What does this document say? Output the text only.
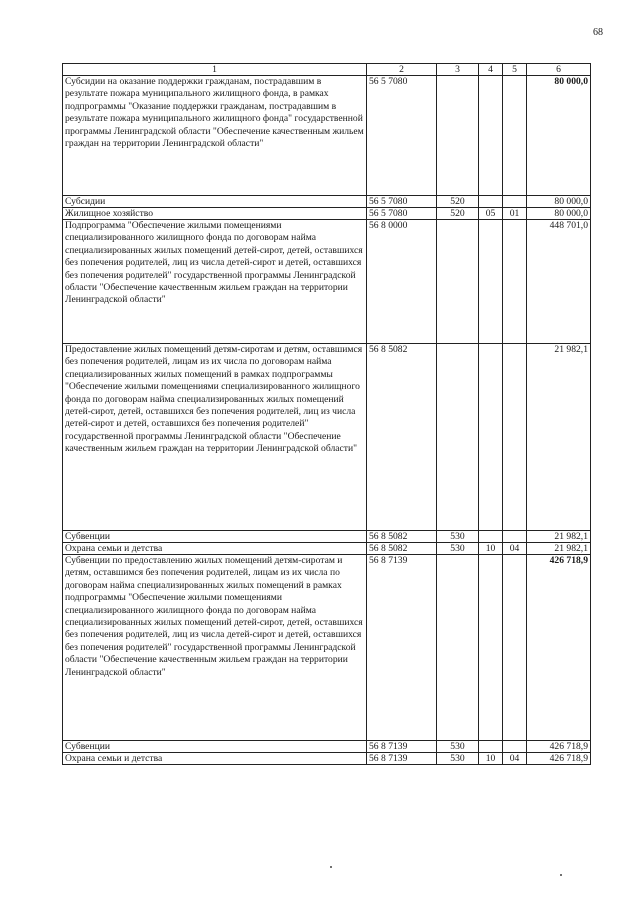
68
1	2	3	4	5	6
Субсидии на оказание поддержки гражданам, пострадавшим в результате пожара муниципального жилищного фонда, в рамках подпрограммы "Оказание поддержки гражданам, пострадавшим в результате пожара муниципального жилищного фонда" государственной программы Ленинградской области "Обеспечение качественным жильем граждан на территории Ленинградской области"	56 5 7080				80 000,0
Субсидии	56 5 7080	520			80 000,0
Жилищное хозяйство	56 5 7080	520	05	01	80 000,0
Подпрограмма "Обеспечение жилыми помещениями специализированного жилищного фонда по договорам найма специализированных жилых помещений детей-сирот, детей, оставшихся без попечения родителей, лиц из числа детей-сирот и детей, оставшихся без попечения родителей" государственной программы Ленинградской области "Обеспечение качественным жильем граждан на территории Ленинградской области"	56 8 0000				448 701,0
Предоставление жилых помещений детям-сиротам и детям, оставшимся без попечения родителей, лицам из их числа по договорам найма специализированных жилых помещений в рамках подпрограммы "Обеспечение жилыми помещениями специализированного жилищного фонда по договорам найма специализированных жилых помещений детей-сирот, детей, оставшихся без попечения родителей, лиц из числа детей-сирот и детей, оставшихся без попечения родителей" государственной программы Ленинградской области "Обеспечение качественным жильем граждан на территории Ленинградской области"	56 8 5082				21 982,1
Субвенции	56 8 5082	530			21 982,1
Охрана семьи и детства	56 8 5082	530	10	04	21 982,1
Субвенции по предоставлению жилых помещений детям-сиротам и детям, оставшимся без попечения родителей, лицам из их числа по договорам найма специализированных жилых помещений в рамках подпрограммы "Обеспечение жилыми помещениями специализированного жилищного фонда по договорам найма специализированных жилых помещений детей-сирот, детей, оставшихся без попечения родителей, лиц из числа детей-сирот и детей, оставшихся без попечения родителей" государственной программы Ленинградской области "Обеспечение качественным жильем граждан на территории Ленинградской области"	56 8 7139				426 718,9
Субвенции	56 8 7139	530			426 718,9
Охрана семьи и детства	56 8 7139	530	10	04	426 718,9
